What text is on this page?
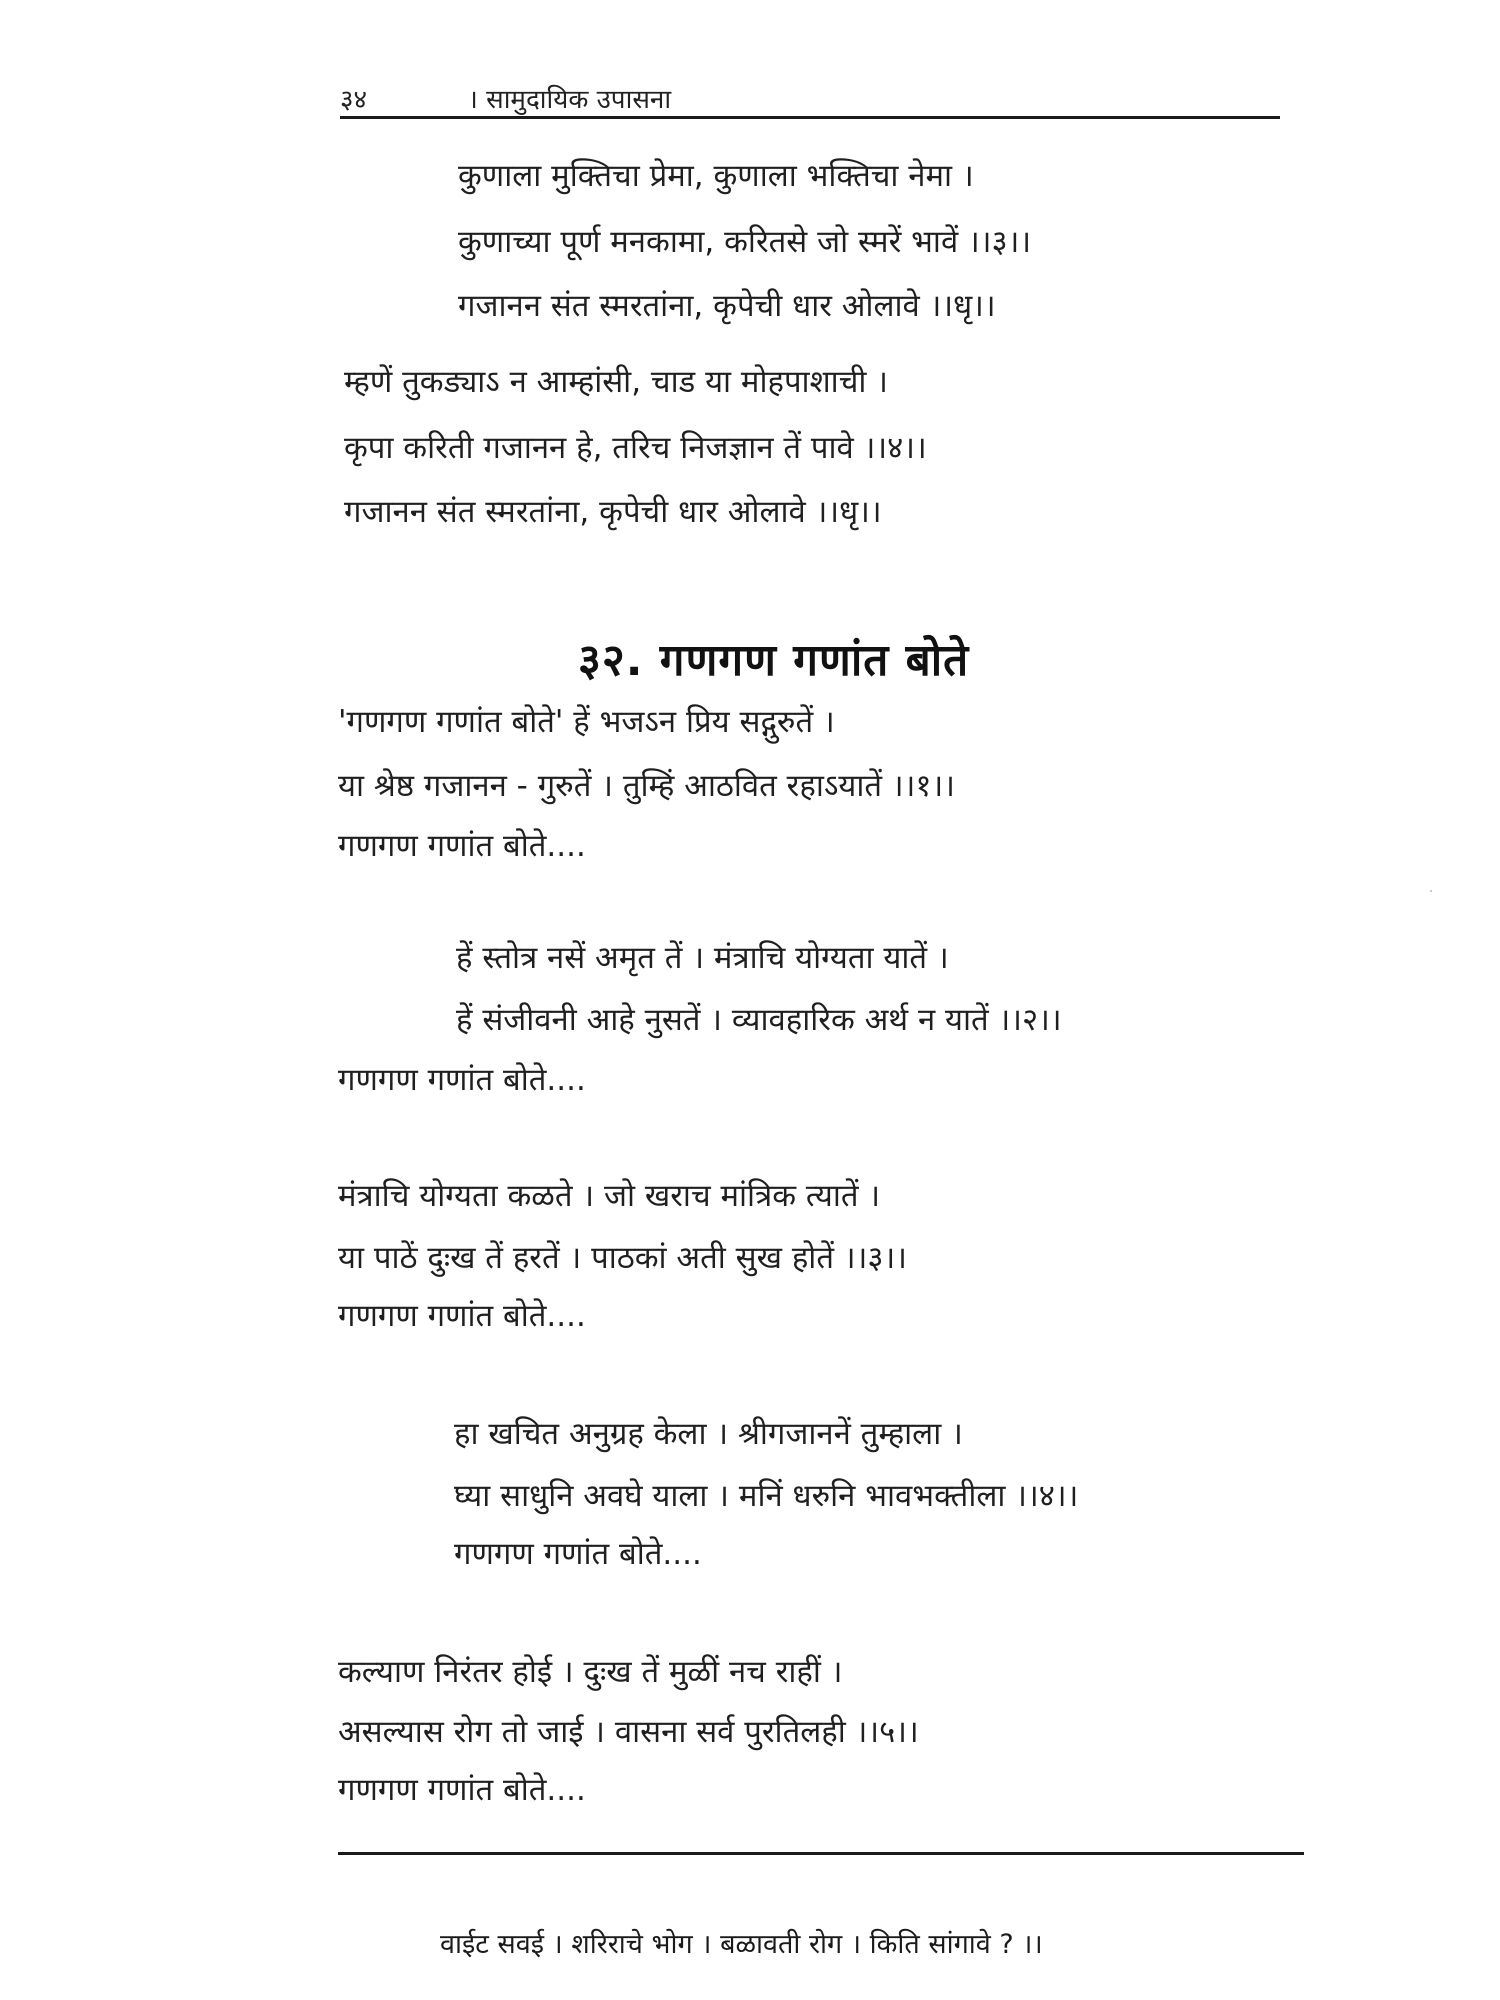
३४	। सामुदायिक उपासना
कुणाला मुक्तिचा प्रेमा, कुणाला भक्तिचा नेमा ।
कुणाच्या पूर्ण मनकामा, करितसे जो स्मरें भावें ।।३।।
गजानन संत स्मरतांना, कृपेची धार ओलावे ।।धृ।।
म्हणें तुकड्याऽ न आम्हांसी, चाड या मोहपाशाची ।
कृपा करिती गजानन हे, तरिच निजज्ञान तें पावे ।।४।।
गजानन संत स्मरतांना, कृपेची धार ओलावे ।।धृ।।
३२. गणगण गणांत बोते
'गणगण गणांत बोते' हें भजऽन प्रिय सद्गुरुतें ।
या श्रेष्ठ गजानन - गुरुतें । तुम्हिं आठवित रहाऽयातें ।।१।।
गणगण गणांत बोते....
हें स्तोत्र नसें अमृत तें । मंत्राचि योग्यता यातें ।
हें संजीवनी आहे नुसतें । व्यावहारिक अर्थ न यातें ।।२।।
गणगण गणांत बोते....
मंत्राचि योग्यता कळते । जो खराच मांत्रिक त्यातें ।
या पाठें दुःख तें हरतें । पाठकां अती सुख होतें ।।३।।
गणगण गणांत बोते....
हा खचित अनुग्रह केला । श्रीगजाननें तुम्हाला ।
घ्या साधुनि अवघे याला । मनिं धरुनि भावभक्तीला ।।४।।
गणगण गणांत बोते....
कल्याण निरंतर होई । दुःख तें मुळीं नच राहीं ।
असल्यास रोग तो जाई । वासना सर्व पुरतिलही ।।५।।
गणगण गणांत बोते....
वाईट सवई । शरिराचे भोग । बळावती रोग । किति सांगावे ? ।।
